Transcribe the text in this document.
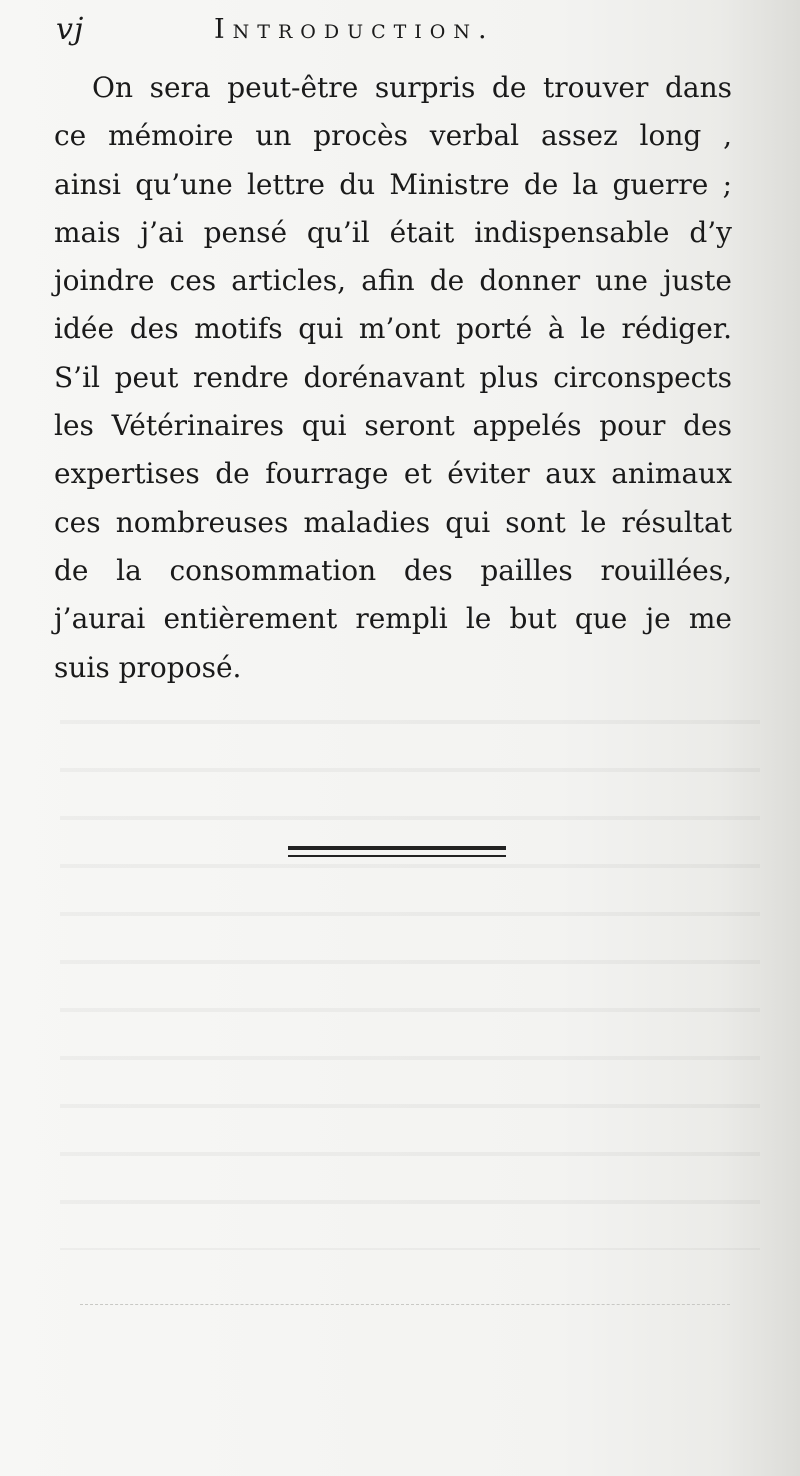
vj	Introduction.
On sera peut-être surpris de trouver dans
ce mémoire un procès verbal assez long ,
ainsi qu’une lettre du Ministre de la guerre ;
mais j’ai pensé qu’il était indispensable d’y
joindre ces articles, afin de donner une juste
idée des motifs qui m’ont porté à le rédiger.
S’il peut rendre dorénavant plus circonspects
les Vétérinaires qui seront appelés pour des
expertises de fourrage et éviter aux animaux
ces nombreuses maladies qui sont le résultat
de la consommation des pailles rouillées,
j’aurai entièrement rempli le but que je me
suis proposé.
